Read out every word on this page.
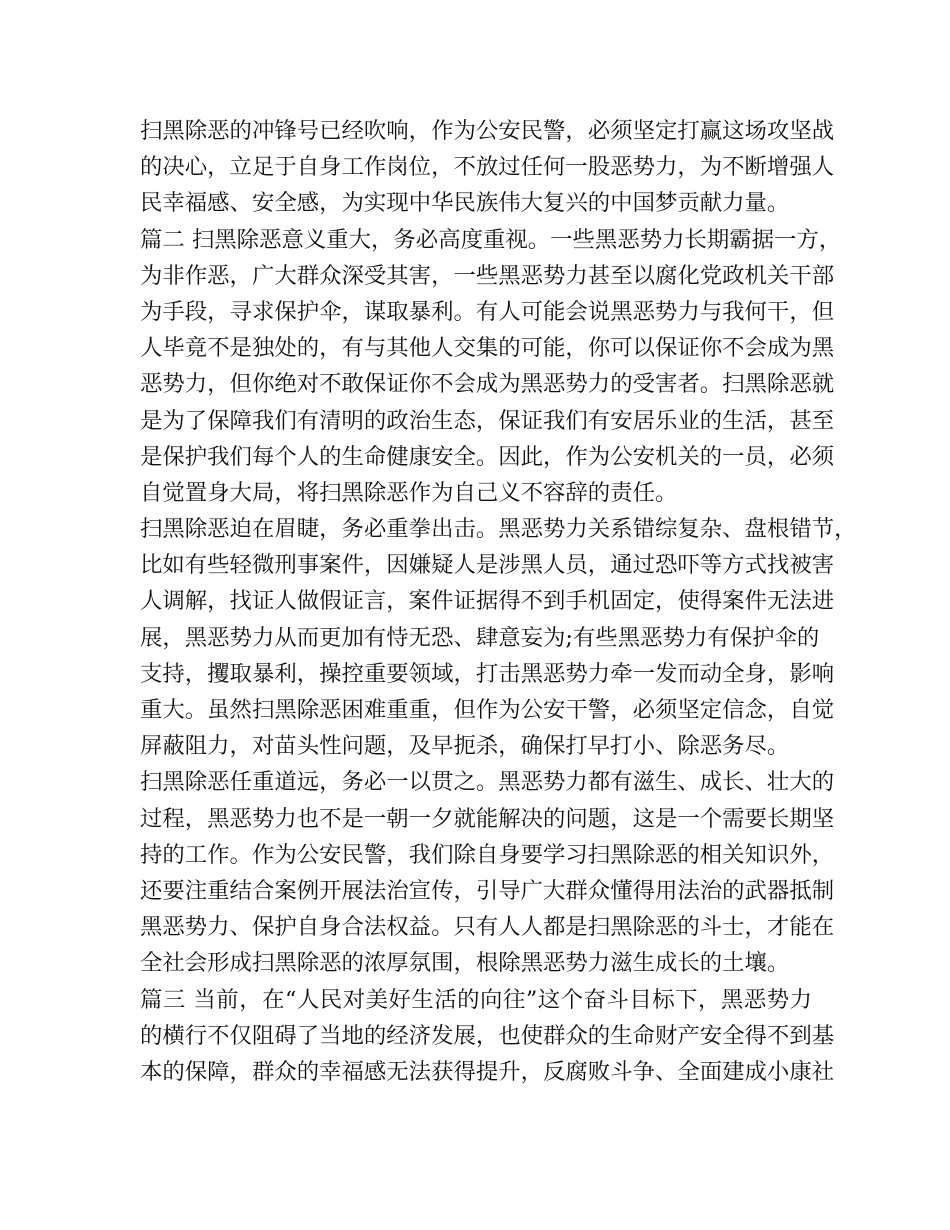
扫黑除恶的冲锋号已经吹响，作为公安民警，必须坚定打赢这场攻坚战
的决心，立足于自身工作岗位，不放过任何一股恶势力，为不断增强人
民幸福感、安全感，为实现中华民族伟大复兴的中国梦贡献力量。
篇二 扫黑除恶意义重大，务必高度重视。一些黑恶势力长期霸据一方，
为非作恶，广大群众深受其害，一些黑恶势力甚至以腐化党政机关干部
为手段，寻求保护伞，谋取暴利。有人可能会说黑恶势力与我何干，但
人毕竟不是独处的，有与其他人交集的可能，你可以保证你不会成为黑
恶势力，但你绝对不敢保证你不会成为黑恶势力的受害者。扫黑除恶就
是为了保障我们有清明的政治生态，保证我们有安居乐业的生活，甚至
是保护我们每个人的生命健康安全。因此，作为公安机关的一员，必须
自觉置身大局，将扫黑除恶作为自己义不容辞的责任。
扫黑除恶迫在眉睫，务必重拳出击。黑恶势力关系错综复杂、盘根错节，
比如有些轻微刑事案件，因嫌疑人是涉黑人员，通过恐吓等方式找被害
人调解，找证人做假证言，案件证据得不到手机固定，使得案件无法进
展，黑恶势力从而更加有恃无恐、肆意妄为;有些黑恶势力有保护伞的
支持，攫取暴利，操控重要领域，打击黑恶势力牵一发而动全身，影响
重大。虽然扫黑除恶困难重重，但作为公安干警，必须坚定信念，自觉
屏蔽阻力，对苗头性问题，及早扼杀，确保打早打小、除恶务尽。
扫黑除恶任重道远，务必一以贯之。黑恶势力都有滋生、成长、壮大的
过程，黑恶势力也不是一朝一夕就能解决的问题，这是一个需要长期坚
持的工作。作为公安民警，我们除自身要学习扫黑除恶的相关知识外，
还要注重结合案例开展法治宣传，引导广大群众懂得用法治的武器抵制
黑恶势力、保护自身合法权益。只有人人都是扫黑除恶的斗士，才能在
全社会形成扫黑除恶的浓厚氛围，根除黑恶势力滋生成长的土壤。
篇三 当前，在“人民对美好生活的向往”这个奋斗目标下，黑恶势力
的横行不仅阻碍了当地的经济发展，也使群众的生命财产安全得不到基
本的保障，群众的幸福感无法获得提升，反腐败斗争、全面建成小康社
